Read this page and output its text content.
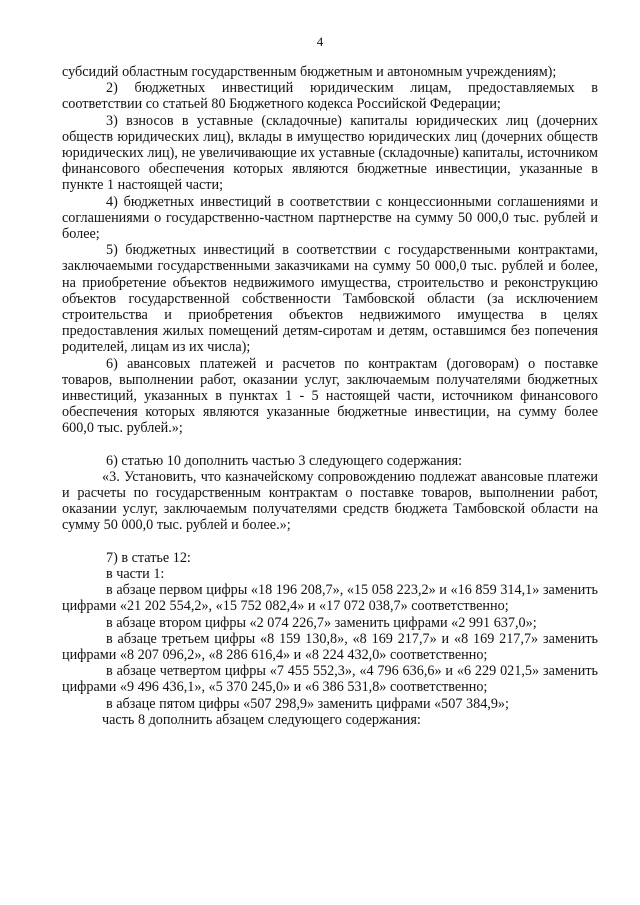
4

субсидий областным государственным бюджетным и автономным учреждениям);

2) бюджетных инвестиций юридическим лицам, предоставляемых в соответствии со статьей 80 Бюджетного кодекса Российской Федерации;

3) взносов в уставные (складочные) капиталы юридических лиц (дочерних обществ юридических лиц), вклады в имущество юридических лиц (дочерних обществ юридических лиц), не увеличивающие их уставные (складочные) капиталы, источником финансового обеспечения которых являются бюджетные инвестиции, указанные в пункте 1 настоящей части;

4) бюджетных инвестиций в соответствии с концессионными соглашениями и соглашениями о государственно-частном партнерстве на сумму 50 000,0 тыс. рублей и более;

5) бюджетных инвестиций в соответствии с государственными контрактами, заключаемыми государственными заказчиками на сумму 50 000,0 тыс. рублей и более, на приобретение объектов недвижимого имущества, строительство и реконструкцию объектов государственной собственности Тамбовской области (за исключением строительства и приобретения объектов недвижимого имущества в целях предоставления жилых помещений детям-сиротам и детям, оставшимся без попечения родителей, лицам из их числа);

6) авансовых платежей и расчетов по контрактам (договорам) о поставке товаров, выполнении работ, оказании услуг, заключаемым получателями бюджетных инвестиций, указанных в пунктах 1 - 5 настоящей части, источником финансового обеспечения которых являются указанные бюджетные инвестиции, на сумму более 600,0 тыс. рублей.»;

6) статью 10 дополнить частью 3 следующего содержания:

«3. Установить, что казначейскому сопровождению подлежат авансовые платежи и расчеты по государственным контрактам о поставке товаров, выполнении работ, оказании услуг, заключаемым получателями средств бюджета Тамбовской области на сумму 50 000,0 тыс. рублей и более.»;

7) в статье 12:

в части 1:

в абзаце первом цифры «18 196 208,7», «15 058 223,2» и «16 859 314,1» заменить цифрами «21 202 554,2», «15 752 082,4» и «17 072 038,7» соответственно;

в абзаце втором цифры «2 074 226,7» заменить цифрами «2 991 637,0»;

в абзаце третьем цифры «8 159 130,8», «8 169 217,7» и «8 169 217,7» заменить цифрами «8 207 096,2», «8 286 616,4» и «8 224 432,0» соответственно;

в абзаце четвертом цифры «7 455 552,3», «4 796 636,6» и «6 229 021,5» заменить цифрами «9 496 436,1», «5 370 245,0» и «6 386 531,8» соответственно;

в абзаце пятом цифры «507 298,9» заменить цифрами «507 384,9»;

часть 8 дополнить абзацем следующего содержания:
